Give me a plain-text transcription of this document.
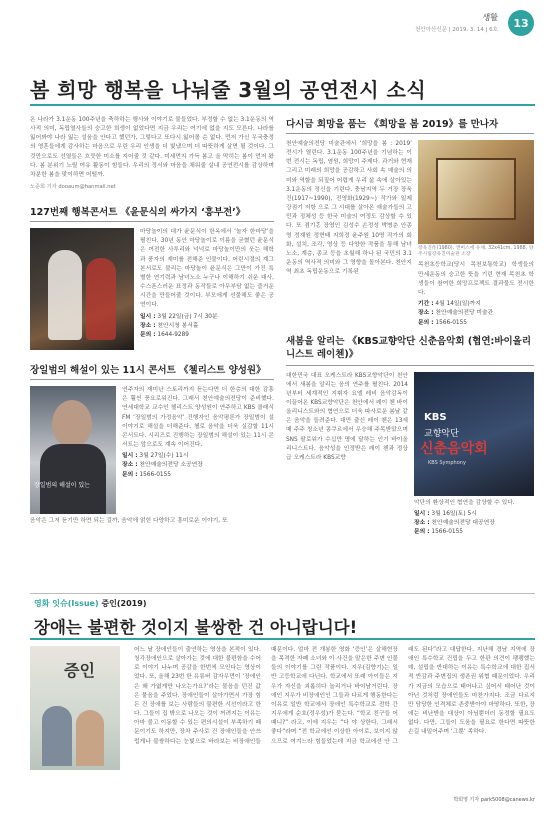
생활
천안아산신문 | 2019. 3. 14 | 6호
13
봄 희망 행복을 나눠줄 3월의 공연전시 소식

온 나라가 3.1운동 100주년을 축하하는 행사와 이야기로 물들었다. 부정할 수 없는 3.1운동의 역사적 의미, 독립열사들의 숭고한 희생이 없었다면 지금 우리는 여기에 없을 지도 모른다. 나라를 잃어봐야 나라 잃는 설움을 안다고 했던가, 그렇다고 또다시 잃어볼 순 없다. 먼저 가신 우국충정의 영혼들에게 감사하는 마음으로 우린 우리 인생을 더 빛냈으며 더 따뜻하게 살면 될 것이다. 그것만으로도 선열들은 흐뭇한 미소를 지어줄 것 같다. 미세먼지 가득 봄고 올 막히는 봄이 먼저 왔다. 봄 분위기 노릴 여유 활동이 힘들다. 우리의 정서와 마음을 채워줄 실내 공연전시를 감상하며 차분한 봄을 맞이하면 어떨까.

노준희 기자 dooaum@hanmail.net

127번째 행복콘서트 《윤문식의 싸가지 ‘흥부전’》

마당놀이의 대가 윤문식이 한옥에서 ‘놀자 한마당’을 펼친다. 30년 동안 마당놀이로 이름을 굳혔던 윤문식은 여전한 사투리와 넉넉로 마당놀이만의 웃는 해학과 풍자의 재미를 전해준 인물이다. 어린시절의 계그본서로도 불리는 마당놀이 윤문식은 그만이 가진 특별한 연기력과 남녀노소 누구나 이해하기 쉬운 대사, 수스폰스러운 표정과 동작들로 아무부담 없는 즐거운 시간을 만들어줄 것이다. 부모에게 선물해도 좋은 공연이다.

일시 : 3월 22일(금) 7시 30분
장소 : 천안시청 봉서홀
문의 : 1644-9289
장일범의 해설이 있는 11시 콘서트 《첼리스트 양성원》
장일범의 해설이 있는

연주자의 재미난 스토리까지 듣는다면 더 한층의 대한 감흥은 훨씬 풍요로워진다. 그래서 천안예술의전당이 준비했다. 연세대학교 교수인 첼리스트 양성원이 연주하고 KBS 클래식FM ‘장일범의 가정음악’ 진행자인 음악평론가 장일범이 설 이야기로 해설을 더해준다. 첼로 음악을 더욱 실감할 11시 콘서트다. 시리즈로 진행하는 장일범의 해설이 있는 11시 콘서트는 앞으로도 계속 이어진다.

일시 : 3월 27일(수) 11시
장소 : 천안예술의전당 소공연장
문의 : 1566-0155

음악은 그저 듣기만 하면 되는 걸까, 음악에 얽힌 다양하고 흥미로운 이야기, 또

다시금 희망을 품는 《희망을 봄 2019》를 만나자

천안예술의전당 미술관에서 ‘희망을 봄 : 2019’ 전시가 열린다. 3.1운동 100주년을 기념하는 이번 전시는 독립, 염원, 희망이 주제다. 과거와 현재 그리고 미래의 희망을 공감하고 사회 속 예술의 의미와 역할을 되짚어 어렵게 우리 삶 속에 살아있는 3.1운동의 정신을 기린다. 충남지역 두 거장 장욱진(1917~1990), 전영화(1929~) 작가와 일제강점기 저항 으로 그 시대를 살아온 예술가들의 고민과 정체성 등 한국 미술의 여정도 감상할 수 있다. 또 겸기홍 장영인 김성수 손정성 박병춘 안종영 정재원 정현태 지희정 윤주원 10명 작가의 회화, 설치, 조각, 영상 등 다양한 작품을 통해 남녀노소, 계층, 종교 등을 초월해 하나 된 국민의 3.1운동의 역사적 의미와 그 영향을 돌아본다. 천안지역 최초 독립운동으로 기록된

장욱진作(1980), 캔버스에 유채, 32x41cm, 1988, 양주시립장욱진미술관 소장

목천초등학교(당시 목천보통학교) 학생들의 만세운동의 숭고한 뜻을 기린 현재 목천초 학생들이 참여한 희망프로젝트 결과물도 전시한다.

기간 : 4월 14일(일)까지
장소 : 천안예술의전당 미술관
문의 : 1566-0155
새봄을 알리는 《KBS교향악단 신춘음악회 (협연:바이올리니스트 레이첸)》

대한민국 대표 오케스트라 KBS교향악단이 천안에서 새봄을 알리는 음의 연주를 펼친다. 2014년부터 세계적인 지휘자 요엘 레비 음악감독이 이끌어온 KBS교향악단은 천안에서 레이 첸 바이올리니스트와의 협연으로 더욱 따사로운 봄날 같은 음악을 들려준다. 대만 출신 레이 첸은 13세 때 주주 청소년 콩쿠르에서 우승해 주목받았으며 SNS 팔로워가 수십만 명에 달하는 인기 바이올리니스트다. 음악성을 인정받은 레이 첸과 정상급 오케스트라 KBS교향

KBS
교향악단
신춘음악회
KBS Symphony

악단의 환상적인 협연을 감상할 수 있다.

일시 : 3월 16일(토) 5시
장소 : 천안예술의전당 대공연장
문의 : 1566-0155
영화 잇슈(Issue) 증인(2019)
장애는 불편한 것이지 불쌍한 건 아니랍니다!
증인
어느 날 장애인들이 출연하는 영상을 본적이 있다. 청각장애인으로 살아가는 것에 대한 불편함을 수어로 이야기 나누며 공감을 한번씩 모인다는 영상이었다. 또, 올해 23번 한 유튜버 감자우먼이 ‘장애인은 왜 가엾게만 나오는가요?’라는 물음을 던진 값은 물음을 주었다. 장애인들이 살아가면서 가장 힘든 건 장애를 보는 사람들의 불편한 시선이라고 한다. 그들이 집 밖으로 나오는 것이 꺼려지는 이유는 아마 불고 이동할 수 있는 편의시설이 부족하기 때문이기도 하지만, 장차 주사로 건 장애인들을 안쓰럽게나 불쌍하다는 눈빛으로 바라보는 비장애인들 때문이다. 얼마 전 개봉한 영화 ‘증인’은 살해현장을 목격한 자폐 소녀와 이 사건을 맡은한 주변 인물들의 이야기를 그린 작품이다. 지우(김향기)는 일반 고등학교에 다닌다. 학교에서 또래 아이들은 지우가 자신을 괴롭히다 놀리거나 바이남거린다. 장애인 지우가 비장애인인 그들과 다르게 행동한다는 이유로 일반 학교에서 장애인 특수학교로 전학 간 지우에게 순호(정우성)가 묻는다. “학교 친구들 어때니?” 라고, 이에 지우는 “다 야 상한다. 그래서 좋다”라며 “전 학교에선 이상한 아이로, 보이지 않으므로 여겨느라 힘들었는데 지금 학교에선 안 그래도 된다”라고 대답한다. 지난해 경남 지역에 장애인 특수학교 건립을 두고 한판 의견이 팽팽했는데, 설립을 반대하는 이유는 특수학교에 대한 집서적 반감과 주변집의 생존권 위협 때문이었다. 우리가 지금의 모습으로 태어나고 싶어서 태어난 것이 아닌 것처럼 장애인들도 마찬가지다. 조금 다르지만 담당한 인격체로 존중받아야 마땅하다. 또한, 장애는 비난받을 대상이 아님뿐더러 동정할 필요도 없다. 다만, 그들이 도움을 필요로 한다면 따뜻한 손길 내밀어주며 ‘그뿐’ 족하다.
박희영 기자 park5008@canews.kr
